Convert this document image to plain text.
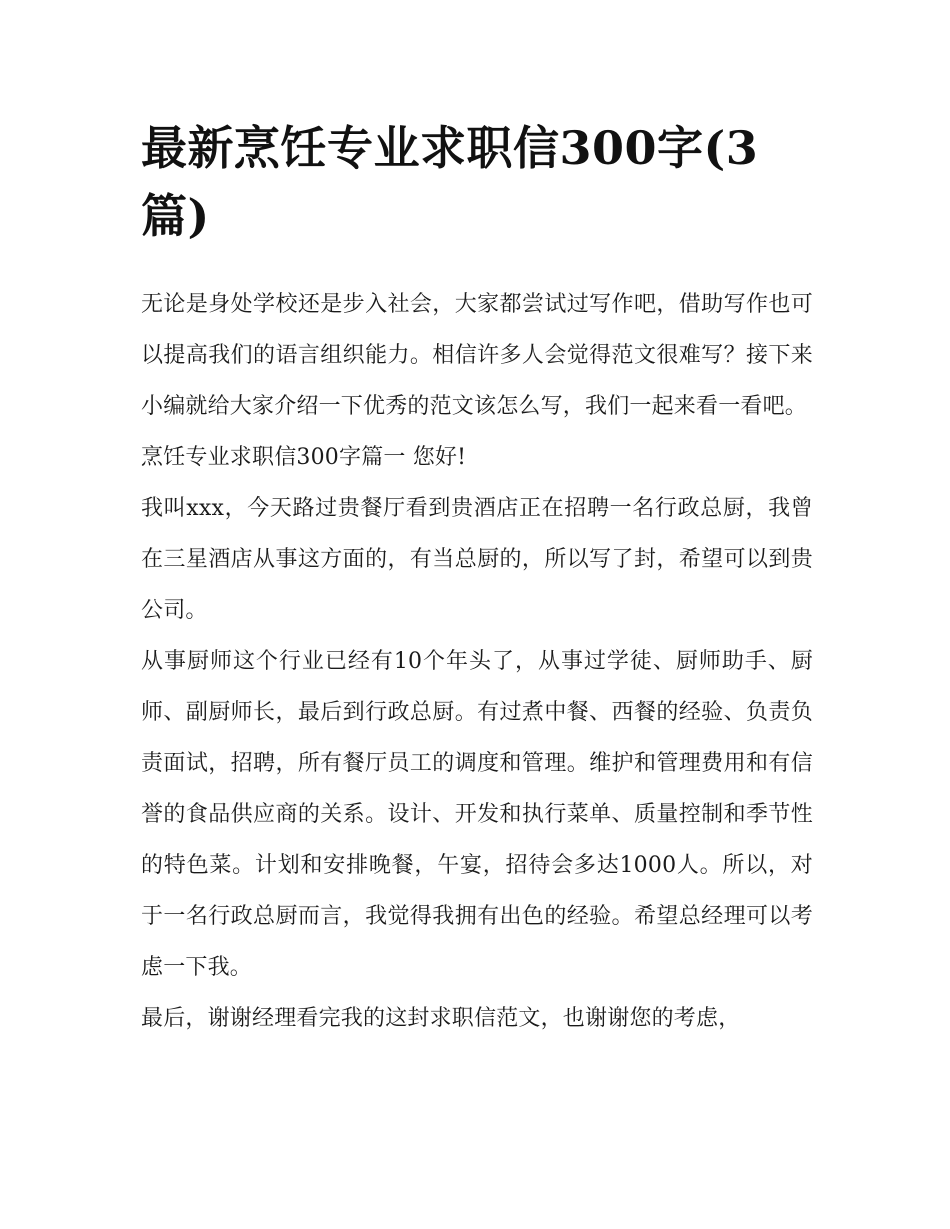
最新烹饪专业求职信300字(3篇)

无论是身处学校还是步入社会，大家都尝试过写作吧，借助写作也可以提高我们的语言组织能力。相信许多人会觉得范文很难写？接下来小编就给大家介绍一下优秀的范文该怎么写，我们一起来看一看吧。

烹饪专业求职信300字篇一 您好!

我叫xxx，今天路过贵餐厅看到贵酒店正在招聘一名行政总厨，我曾在三星酒店从事这方面的，有当总厨的，所以写了封，希望可以到贵公司。

从事厨师这个行业已经有10个年头了，从事过学徒、厨师助手、厨师、副厨师长，最后到行政总厨。有过煮中餐、西餐的经验、负责负责面试，招聘，所有餐厅员工的调度和管理。维护和管理费用和有信誉的食品供应商的关系。设计、开发和执行菜单、质量控制和季节性的特色菜。计划和安排晚餐，午宴，招待会多达1000人。所以，对于一名行政总厨而言，我觉得我拥有出色的经验。希望总经理可以考虑一下我。

最后，谢谢经理看完我的这封求职信范文，也谢谢您的考虑，
